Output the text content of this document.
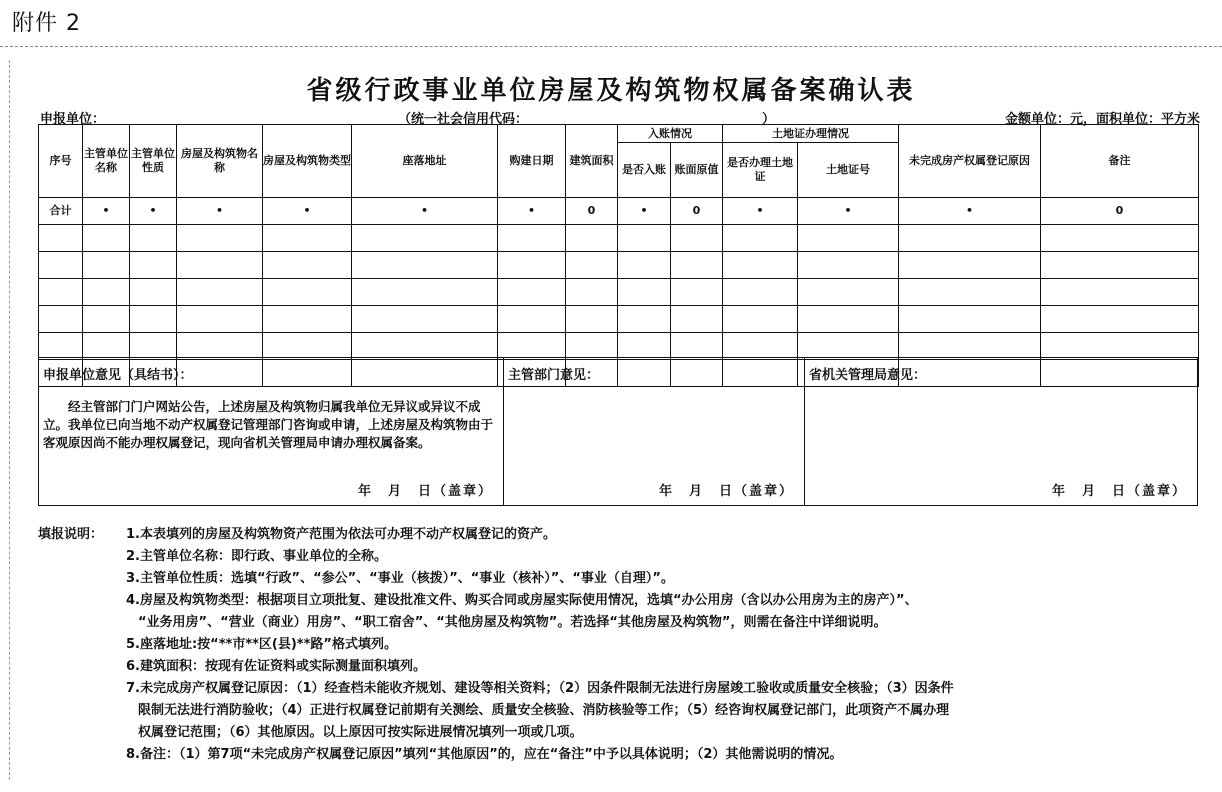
附件 2
省级行政事业单位房屋及构筑物权属备案确认表
申报单位：	（统一社会信用代码：	）	金额单位：元，面积单位：平方米
序号	主管单位名称	主管单位性质	房屋及构筑物名称	房屋及构筑物类型	座落地址	购建日期	建筑面积	入账情况		土地证办理情况		未完成房产权属登记原因	备注
								是否入账	账面原值	是否办理土地证	土地证号		
合计	•	•	•	•	•	•	0	•	0	•	•	•	0

申报单位意见（具结书）：
经主管部门门户网站公告，上述房屋及构筑物归属我单位无异议或异议不成立。我单位已向当地不动产权属登记管理部门咨询或申请，上述房屋及构筑物由于客观原因尚不能办理权属登记，现向省机关管理局申请办理权属备案。
年　月　日（盖章）
主管部门意见：
年　月　日（盖章）
省机关管理局意见：
年　月　日（盖章）
填报说明： 1.本表填列的房屋及构筑物资产范围为依法可办理不动产权属登记的资产。
2.主管单位名称：即行政、事业单位的全称。
3.主管单位性质：选填“行政”、“参公”、“事业（核拨）”、“事业（核补）”、“事业（自理）”。
4.房屋及构筑物类型：根据项目立项批复、建设批准文件、购买合同或房屋实际使用情况，选填“办公用房（含以办公用房为主的房产）”、
“业务用房”、“营业（商业）用房”、“职工宿舍”、“其他房屋及构筑物”。若选择“其他房屋及构筑物”，则需在备注中详细说明。
5.座落地址:按“**市**区(县)**路”格式填列。
6.建筑面积：按现有佐证资料或实际测量面积填列。
7.未完成房产权属登记原因：（1）经查档未能收齐规划、建设等相关资料；（2）因条件限制无法进行房屋竣工验收或质量安全核验；（3）因条件
限制无法进行消防验收；（4）正进行权属登记前期有关测绘、质量安全核验、消防核验等工作；（5）经咨询权属登记部门，此项资产不属办理
权属登记范围；（6）其他原因。以上原因可按实际进展情况填列一项或几项。
8.备注：（1）第7项“未完成房产权属登记原因”填列“其他原因”的，应在“备注”中予以具体说明；（2）其他需说明的情况。
